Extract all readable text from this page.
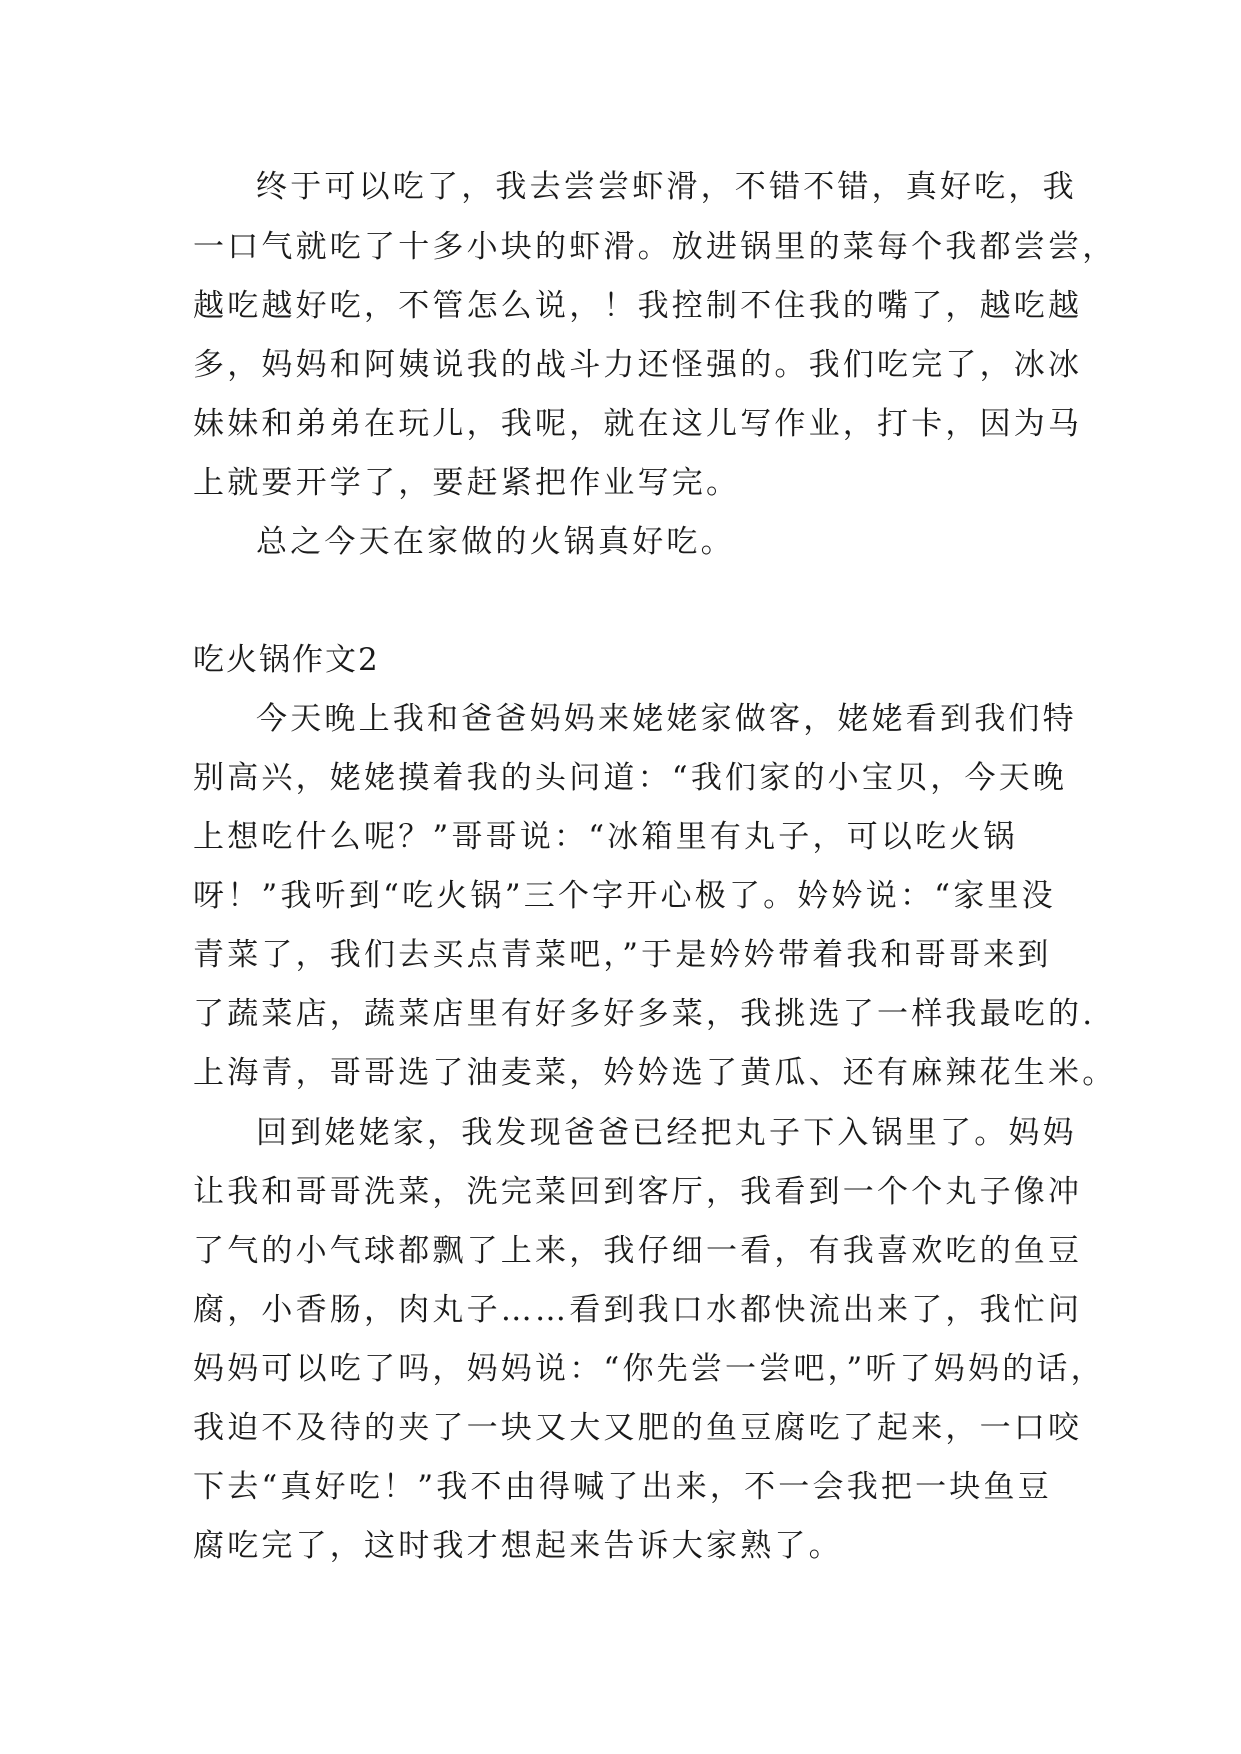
终于可以吃了，我去尝尝虾滑，不错不错，真好吃，我
一口气就吃了十多小块的虾滑。放进锅里的菜每个我都尝尝，
越吃越好吃，不管怎么说，！我控制不住我的嘴了，越吃越
多，妈妈和阿姨说我的战斗力还怪强的。我们吃完了，冰冰
妹妹和弟弟在玩儿，我呢，就在这儿写作业，打卡，因为马
上就要开学了，要赶紧把作业写完。
总之今天在家做的火锅真好吃。
吃火锅作文2
今天晚上我和爸爸妈妈来姥姥家做客，姥姥看到我们特
别高兴，姥姥摸着我的头问道：“我们家的小宝贝，今天晚
上想吃什么呢？”哥哥说：“冰箱里有丸子，可以吃火锅
呀！”我听到“吃火锅”三个字开心极了。妗妗说：“家里没
青菜了，我们去买点青菜吧，”于是妗妗带着我和哥哥来到
了蔬菜店，蔬菜店里有好多好多菜，我挑选了一样我最吃的.
上海青，哥哥选了油麦菜，妗妗选了黄瓜、还有麻辣花生米。
回到姥姥家，我发现爸爸已经把丸子下入锅里了。妈妈
让我和哥哥洗菜，洗完菜回到客厅，我看到一个个丸子像冲
了气的小气球都飘了上来，我仔细一看，有我喜欢吃的鱼豆
腐，小香肠，肉丸子……看到我口水都快流出来了，我忙问
妈妈可以吃了吗，妈妈说：“你先尝一尝吧，”听了妈妈的话，
我迫不及待的夹了一块又大又肥的鱼豆腐吃了起来，一口咬
下去“真好吃！”我不由得喊了出来，不一会我把一块鱼豆
腐吃完了，这时我才想起来告诉大家熟了。
